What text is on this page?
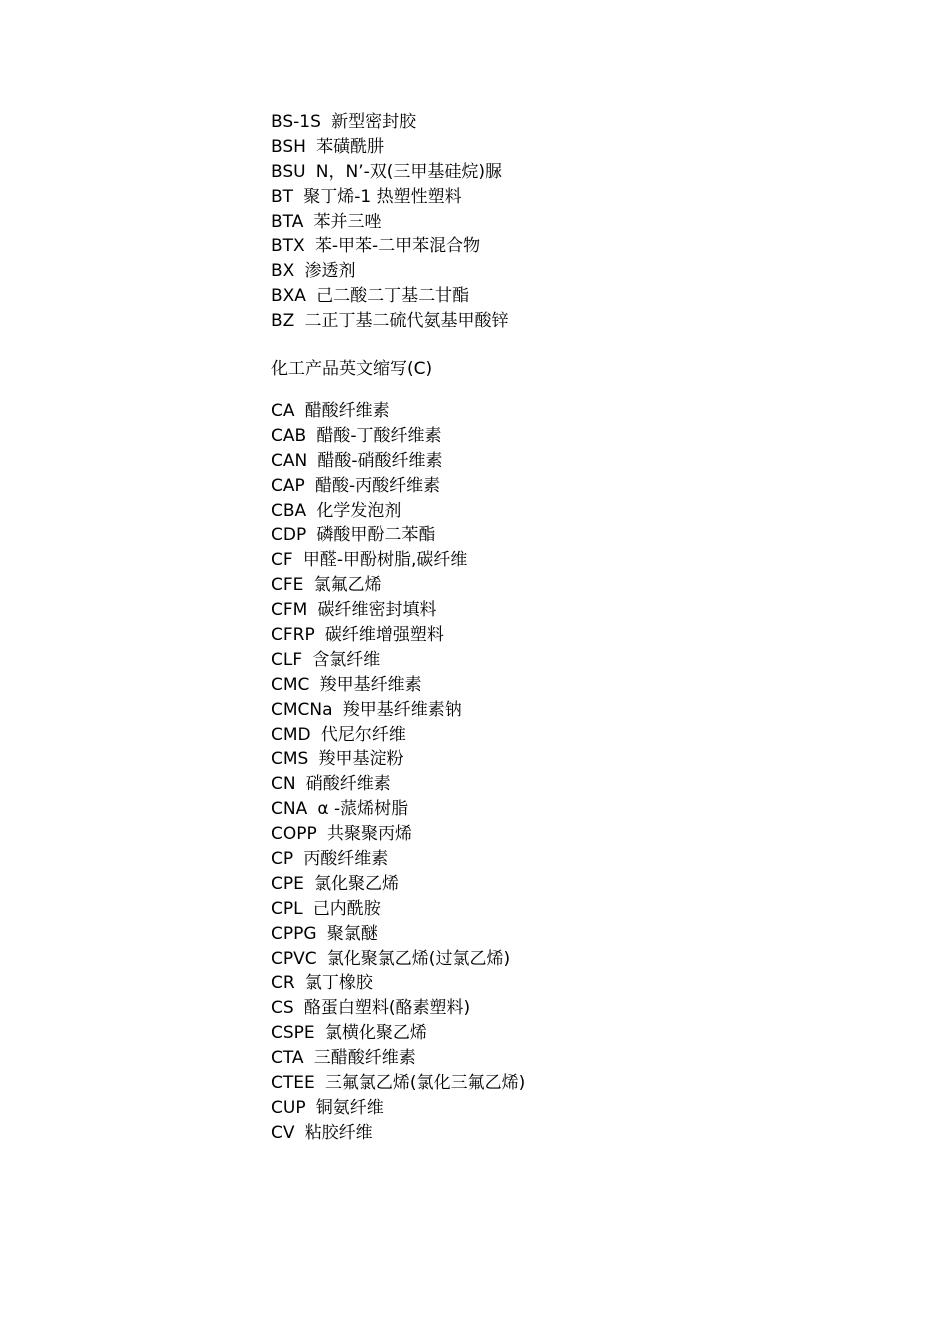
BS-1S 新型密封胶
BSH 苯磺酰肼
BSU N，N’-双(三甲基硅烷)脲
BT 聚丁烯-1 热塑性塑料
BTA 苯并三唑
BTX 苯-甲苯-二甲苯混合物
BX 渗透剂
BXA 己二酸二丁基二甘酯
BZ 二正丁基二硫代氨基甲酸锌
化工产品英文缩写(C)
CA 醋酸纤维素
CAB 醋酸-丁酸纤维素
CAN 醋酸-硝酸纤维素
CAP 醋酸-丙酸纤维素
CBA 化学发泡剂
CDP 磷酸甲酚二苯酯
CF 甲醛-甲酚树脂,碳纤维
CFE 氯氟乙烯
CFM 碳纤维密封填料
CFRP 碳纤维增强塑料
CLF 含氯纤维
CMC 羧甲基纤维素
CMCNa 羧甲基纤维素钠
CMD 代尼尔纤维
CMS 羧甲基淀粉
CN 硝酸纤维素
CNA α -蒎烯树脂
COPP 共聚聚丙烯
CP 丙酸纤维素
CPE 氯化聚乙烯
CPL 己内酰胺
CPPG 聚氯醚
CPVC 氯化聚氯乙烯(过氯乙烯)
CR 氯丁橡胶
CS 酪蛋白塑料(酪素塑料)
CSPE 氯横化聚乙烯
CTA 三醋酸纤维素
CTEE 三氟氯乙烯(氯化三氟乙烯)
CUP 铜氨纤维
CV 粘胶纤维
